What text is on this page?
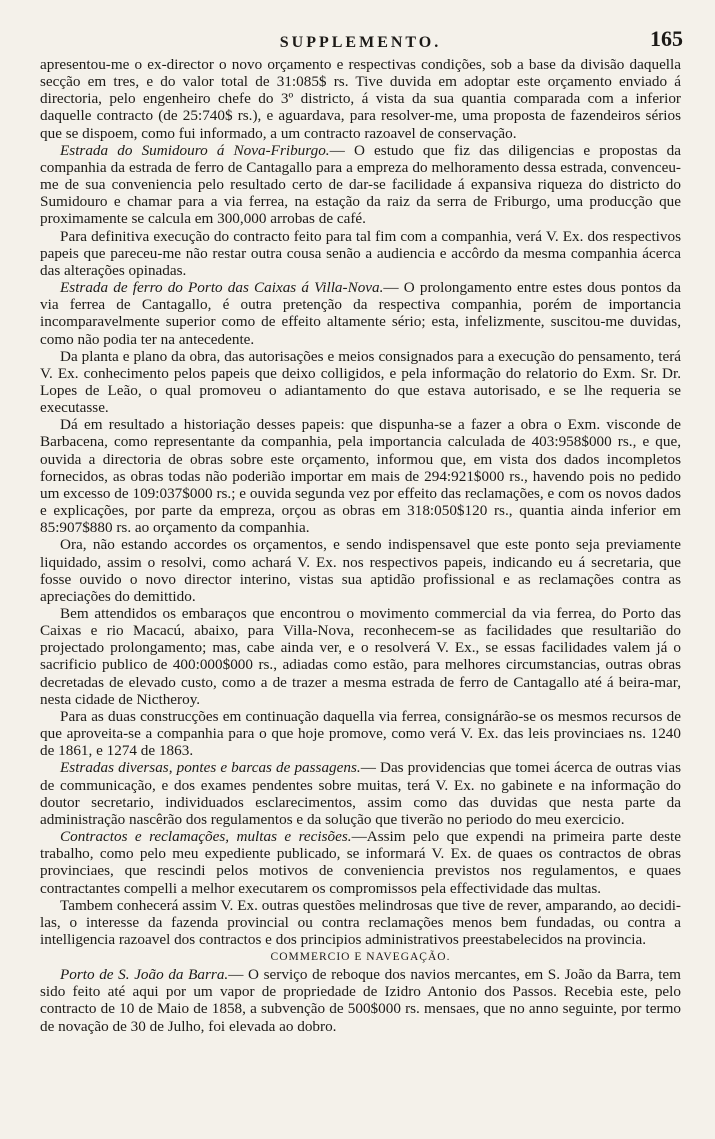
SUPPLEMENTO.	165

apresentou-me o ex-director o novo orçamento e respectivas condições, sob a base da divisão daquella secção em tres, e do valor total de 31:085$ rs. Tive duvida em adoptar este orçamento enviado á directoria, pelo engenheiro chefe do 3º districto, á vista da sua quantia comparada com a inferior daquelle contracto (de 25:740$ rs.), e aguardava, para resolver-me, uma proposta de fazendeiros sérios que se dispoem, como fui informado, a um contracto razoavel de conservação.

Estrada do Sumidouro á Nova-Friburgo.— O estudo que fiz das diligencias e propostas da companhia da estrada de ferro de Cantagallo para a empreza do melhoramento dessa estrada, convenceu-me de sua conveniencia pelo resultado certo de dar-se facilidade á expansiva riqueza do districto do Sumidouro e chamar para a via ferrea, na estação da raiz da serra de Friburgo, uma producção que proximamente se calcula em 300,000 arrobas de café.

Para definitiva execução do contracto feito para tal fim com a companhia, verá V. Ex. dos respectivos papeis que pareceu-me não restar outra cousa senão a audiencia e accôrdo da mesma companhia ácerca das alterações opinadas.

Estrada de ferro do Porto das Caixas á Villa-Nova.— O prolongamento entre estes dous pontos da via ferrea de Cantagallo, é outra pretenção da respectiva companhia, porém de importancia incomparavelmente superior como de effeito altamente sério; esta, infelizmente, suscitou-me duvidas, como não podia ter na antecedente.

Da planta e plano da obra, das autorisações e meios consignados para a execução do pensamento, terá V. Ex. conhecimento pelos papeis que deixo colligidos, e pela informação do relatorio do Exm. Sr. Dr. Lopes de Leão, o qual promoveu o adiantamento do que estava autorisado, e se lhe requeria se executasse.

Dá em resultado a historiação desses papeis: que dispunha-se a fazer a obra o Exm. visconde de Barbacena, como representante da companhia, pela importancia calculada de 403:958$000 rs., e que, ouvida a directoria de obras sobre este orçamento, informou que, em vista dos dados incompletos fornecidos, as obras todas não poderião importar em mais de 294:921$000 rs., havendo pois no pedido um excesso de 109:037$000 rs.; e ouvida segunda vez por effeito das reclamações, e com os novos dados e explicações, por parte da empreza, orçou as obras em 318:050$120 rs., quantia ainda inferior em 85:907$880 rs. ao orçamento da companhia.

Ora, não estando accordes os orçamentos, e sendo indispensavel que este ponto seja previamente liquidado, assim o resolvi, como achará V. Ex. nos respectivos papeis, indicando eu á secretaria, que fosse ouvido o novo director interino, vistas sua aptidão profissional e as reclamações contra as apreciações do demittido.

Bem attendidos os embaraços que encontrou o movimento commercial da via ferrea, do Porto das Caixas e rio Macacú, abaixo, para Villa-Nova, reconhecem-se as facilidades que resultarião do projectado prolongamento; mas, cabe ainda ver, e o resolverá V. Ex., se essas facilidades valem já o sacrificio publico de 400:000$000 rs., adiadas como estão, para melhores circumstancias, outras obras decretadas de elevado custo, como a de trazer a mesma estrada de ferro de Cantagallo até á beira-mar, nesta cidade de Nictheroy.

Para as duas construcções em continuação daquella via ferrea, consignárão-se os mesmos recursos de que aproveita-se a companhia para o que hoje promove, como verá V. Ex. das leis provinciaes ns. 1240 de 1861, e 1274 de 1863.

Estradas diversas, pontes e barcas de passagens.— Das providencias que tomei ácerca de outras vias de communicação, e dos exames pendentes sobre muitas, terá V. Ex. no gabinete e na informação do doutor secretario, individuados esclarecimentos, assim como das duvidas que nesta parte da administração nascêrão dos regulamentos e da solução que tiverão no periodo do meu exercicio.

Contractos e reclamações, multas e recisões.—Assim pelo que expendi na primeira parte deste trabalho, como pelo meu expediente publicado, se informará V. Ex. de quaes os contractos de obras provinciaes, que rescindi pelos motivos de conveniencia previstos nos regulamentos, e quaes contractantes compelli a melhor executarem os compromissos pela effectividade das multas.

Tambem conhecerá assim V. Ex. outras questões melindrosas que tive de rever, amparando, ao decidi-las, o interesse da fazenda provincial ou contra reclamações menos bem fundadas, ou contra a intelligencia razoavel dos contractos e dos principios administrativos preestabelecidos na provincia.

COMMERCIO E NAVEGAÇÃO.

Porto de S. João da Barra.— O serviço de reboque dos navios mercantes, em S. João da Barra, tem sido feito até aqui por um vapor de propriedade de Izidro Antonio dos Passos. Recebia este, pelo contracto de 10 de Maio de 1858, a subvenção de 500$000 rs. mensaes, que no anno seguinte, por termo de novação de 30 de Julho, foi elevada ao dobro.
